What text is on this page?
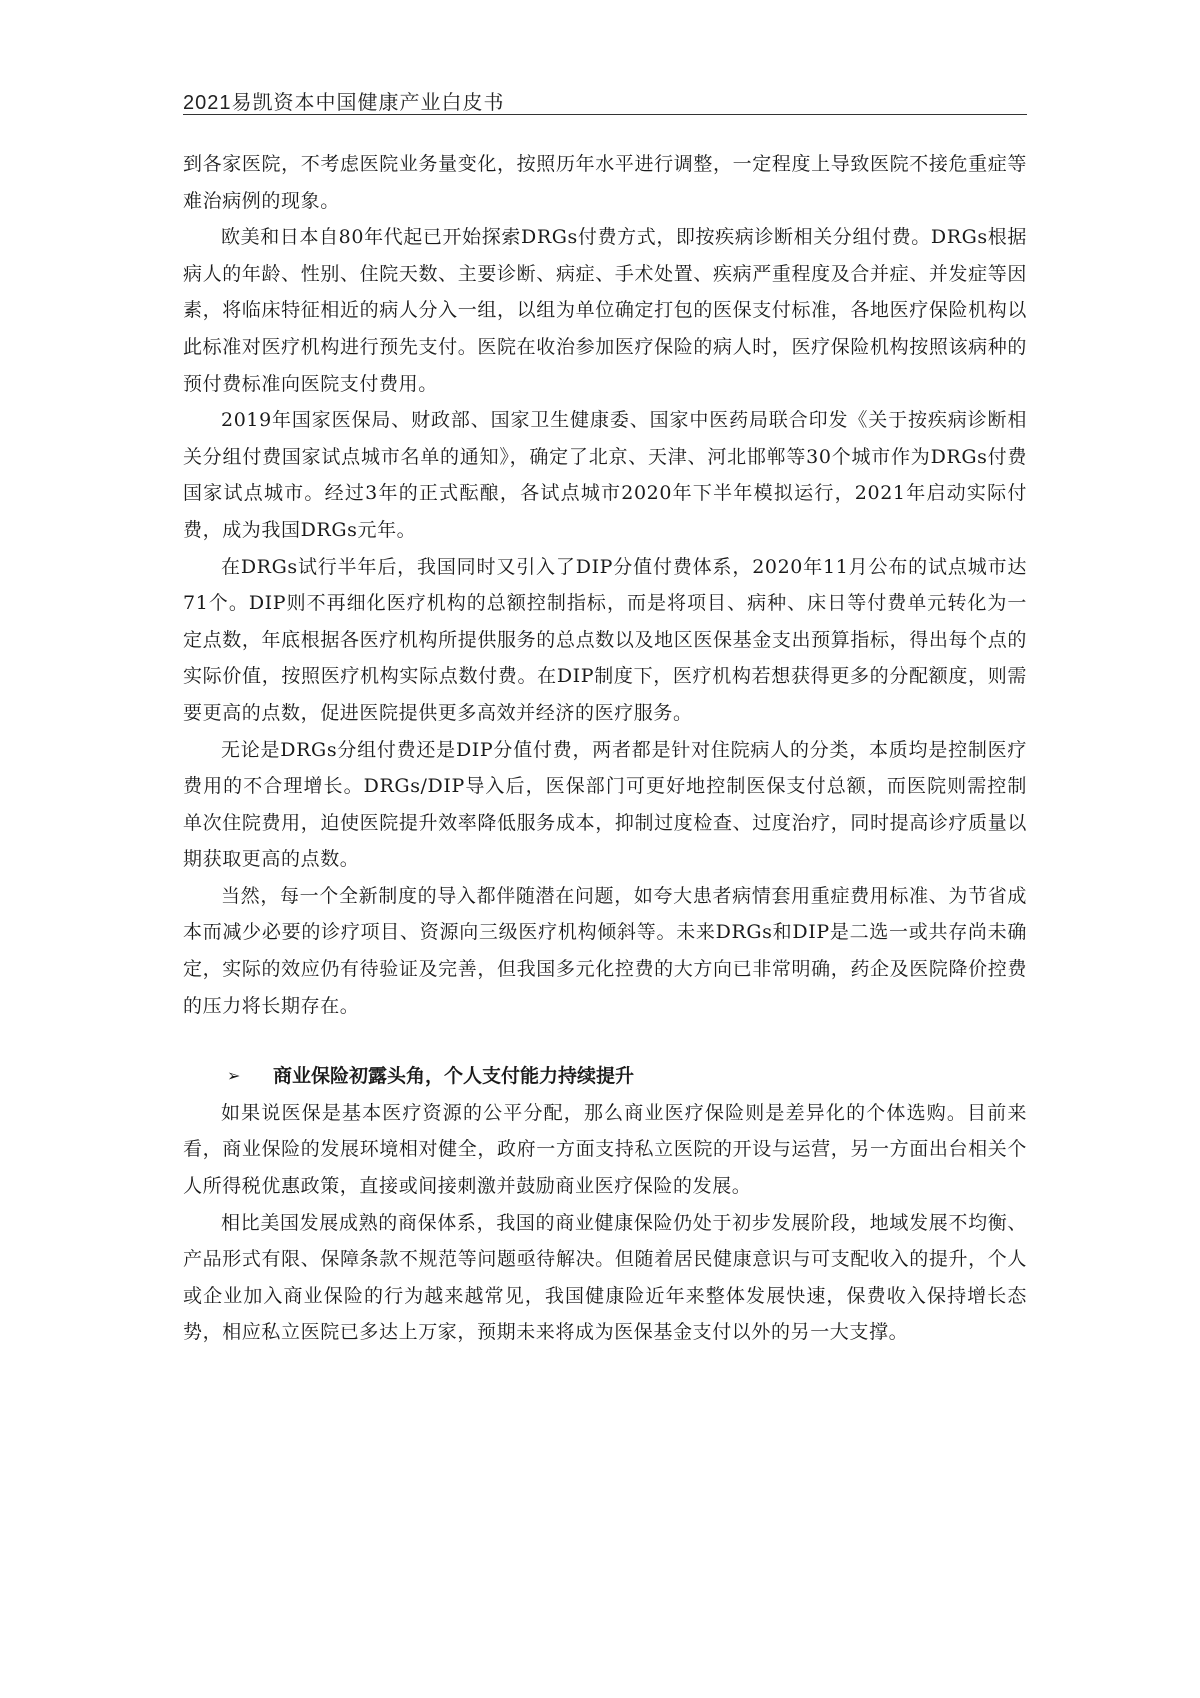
2021易凯资本中国健康产业白皮书

到各家医院，不考虑医院业务量变化，按照历年水平进行调整，一定程度上导致医院不接危重症等难治病例的现象。

欧美和日本自80年代起已开始探索DRGs付费方式，即按疾病诊断相关分组付费。DRGs根据病人的年龄、性别、住院天数、主要诊断、病症、手术处置、疾病严重程度及合并症、并发症等因素，将临床特征相近的病人分入一组，以组为单位确定打包的医保支付标准，各地医疗保险机构以此标准对医疗机构进行预先支付。医院在收治参加医疗保险的病人时，医疗保险机构按照该病种的预付费标准向医院支付费用。

2019年国家医保局、财政部、国家卫生健康委、国家中医药局联合印发《关于按疾病诊断相关分组付费国家试点城市名单的通知》，确定了北京、天津、河北邯郸等30个城市作为DRGs付费国家试点城市。经过3年的正式酝酿，各试点城市2020年下半年模拟运行，2021年启动实际付费，成为我国DRGs元年。

在DRGs试行半年后，我国同时又引入了DIP分值付费体系，2020年11月公布的试点城市达71个。DIP则不再细化医疗机构的总额控制指标，而是将项目、病种、床日等付费单元转化为一定点数，年底根据各医疗机构所提供服务的总点数以及地区医保基金支出预算指标，得出每个点的实际价值，按照医疗机构实际点数付费。在DIP制度下，医疗机构若想获得更多的分配额度，则需要更高的点数，促进医院提供更多高效并经济的医疗服务。

无论是DRGs分组付费还是DIP分值付费，两者都是针对住院病人的分类，本质均是控制医疗费用的不合理增长。DRGs/DIP导入后，医保部门可更好地控制医保支付总额，而医院则需控制单次住院费用，迫使医院提升效率降低服务成本，抑制过度检查、过度治疗，同时提高诊疗质量以期获取更高的点数。

当然，每一个全新制度的导入都伴随潜在问题，如夸大患者病情套用重症费用标准、为节省成本而减少必要的诊疗项目、资源向三级医疗机构倾斜等。未来DRGs和DIP是二选一或共存尚未确定，实际的效应仍有待验证及完善，但我国多元化控费的大方向已非常明确，药企及医院降价控费的压力将长期存在。

➢	商业保险初露头角，个人支付能力持续提升

如果说医保是基本医疗资源的公平分配，那么商业医疗保险则是差异化的个体选购。目前来看，商业保险的发展环境相对健全，政府一方面支持私立医院的开设与运营，另一方面出台相关个人所得税优惠政策，直接或间接刺激并鼓励商业医疗保险的发展。

相比美国发展成熟的商保体系，我国的商业健康保险仍处于初步发展阶段，地域发展不均衡、产品形式有限、保障条款不规范等问题亟待解决。但随着居民健康意识与可支配收入的提升，个人或企业加入商业保险的行为越来越常见，我国健康险近年来整体发展快速，保费收入保持增长态势，相应私立医院已多达上万家，预期未来将成为医保基金支付以外的另一大支撑。
